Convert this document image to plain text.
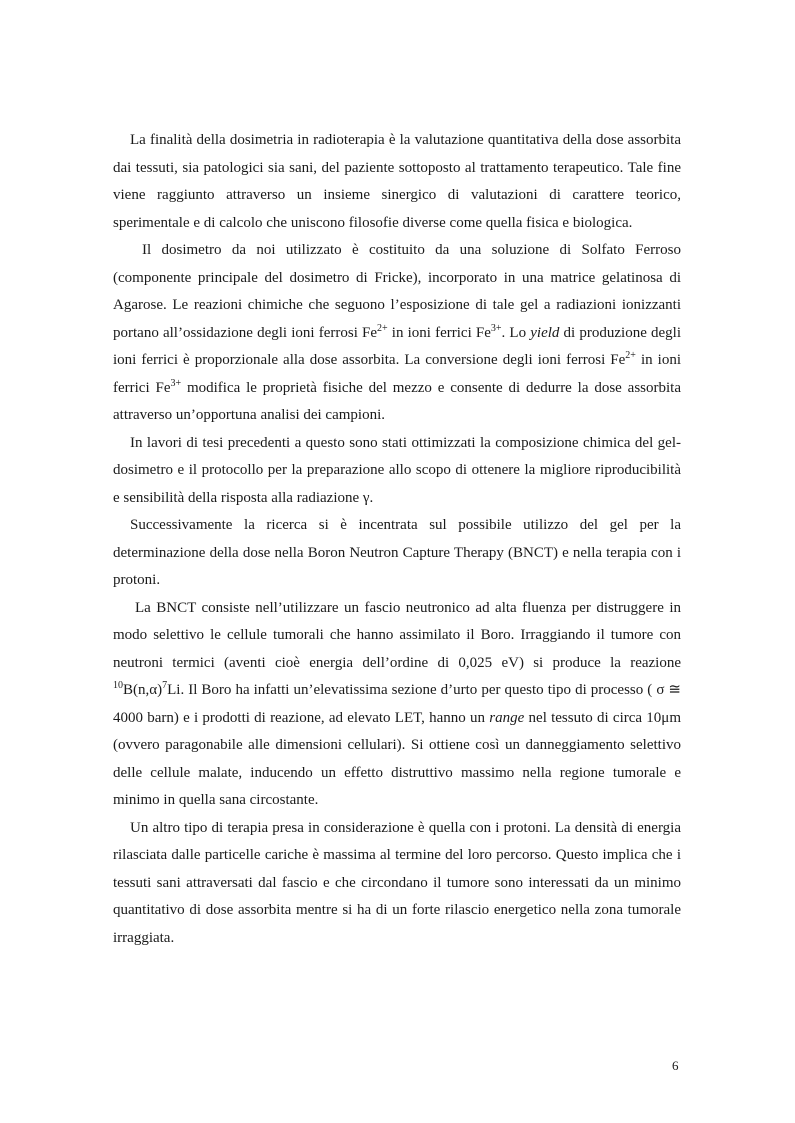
La finalità della dosimetria in radioterapia è la valutazione quantitativa della dose assorbita dai tessuti, sia patologici sia sani, del paziente sottoposto al trattamento terapeutico. Tale fine viene raggiunto attraverso un insieme sinergico di valutazioni di carattere teorico, sperimentale e di calcolo che uniscono filosofie diverse come quella fisica e biologica.

Il dosimetro da noi utilizzato è costituito da una soluzione di Solfato Ferroso (componente principale del dosimetro di Fricke), incorporato in una matrice gelatinosa di Agarose. Le reazioni chimiche che seguono l’esposizione di tale gel a radiazioni ionizzanti portano all’ossidazione degli ioni ferrosi $Fe^{2+}$ in ioni ferrici $Fe^{3+}$. Lo yield di produzione degli ioni ferrici è proporzionale alla dose assorbita. La conversione degli ioni ferrosi $Fe^{2+}$ in ioni ferrici $Fe^{3+}$ modifica le proprietà fisiche del mezzo e consente di dedurre la dose assorbita attraverso un’opportuna analisi dei campioni.

In lavori di tesi precedenti a questo sono stati ottimizzati la composizione chimica del gel-dosimetro e il protocollo per la preparazione allo scopo di ottenere la migliore riproducibilità e sensibilità della risposta alla radiazione γ.

Successivamente la ricerca si è incentrata sul possibile utilizzo del gel per la determinazione della dose nella Boron Neutron Capture Therapy (BNCT) e nella terapia con i protoni.

La BNCT consiste nell’utilizzare un fascio neutronico ad alta fluenza per distruggere in modo selettivo le cellule tumorali che hanno assimilato il Boro. Irraggiando il tumore con neutroni termici (aventi cioè energia dell’ordine di 0,025 eV) si produce la reazione $^{10}B(n,\alpha)^7Li$. Il Boro ha infatti un’elevatissima sezione d’urto per questo tipo di processo ( σ ≅ 4000 barn) e i prodotti di reazione, ad elevato LET, hanno un range nel tessuto di circa 10μm (ovvero paragonabile alle dimensioni cellulari). Si ottiene così un danneggiamento selettivo delle cellule malate, inducendo un effetto distruttivo massimo nella regione tumorale e minimo in quella sana circostante.

Un altro tipo di terapia presa in considerazione è quella con i protoni. La densità di energia rilasciata dalle particelle cariche è massima al termine del loro percorso. Questo implica che i tessuti sani attraversati dal fascio e che circondano il tumore sono interessati da un minimo quantitativo di dose assorbita mentre si ha di un forte rilascio energetico nella zona tumorale irraggiata.

6
